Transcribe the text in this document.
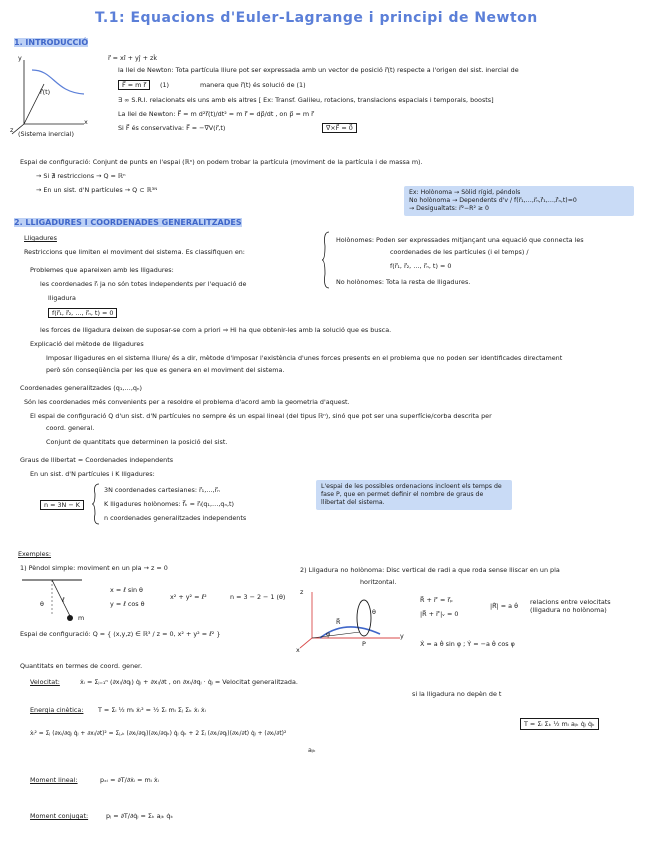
T.1: Equacions d'Euler-Lagrange i principi de Newton
1. INTRODUCCIÓ
y
x
z
r⃗(t)
(Sistema inercial)
r⃗ = xî + yĵ + zk̂
la llei de Newton: Tota partícula lliure pot ser expressada amb un vector de posició r⃗(t) respecte a l'origen del sist. inercial de
F⃗ = m r⃗̈	(1)	manera que r⃗(t) és solució de (1)
∃ ∞ S.R.I. relacionats els uns amb els altres [ Ex: Transf. Galileu, rotacions, translacions espacials i temporals, boosts]
La llei de Newton: F⃗ = m d²r⃗(t)/dt² = m r⃗̈ = dp⃗/dt , on p⃗ = m r⃗̇
Si F⃗ és conservativa: F⃗ = −∇⃗V(r⃗,t)	∇⃗×F⃗ = 0⃗
Espai de configuració: Conjunt de punts en l'espai (ℝⁿ) on podem trobar la partícula (moviment de la partícula i de massa m).
→ Si ∄ restriccions → Q = ℝⁿ
→ En un sist. d'N partícules → Q ⊂ ℝ³ᴺ	Ex: Holònoma → Sòlid rígid, péndols
No holònoma → Dependents d'v / f(r⃗₁,…,r⃗ₙ,ṙ⃗₁,…,ṙ⃗ₙ,t)=0
→ Desigualtats: r⃗²−R² ≥ 0
2. LLIGADURES I COORDENADES GENERALITZADES
Lligadures
Restriccions que limiten el moviment del sistema. Es classifiquen en:
Holònomes: Poden ser expressades mitjançant una equació que connecta les
coordenades de les partícules (i el temps) /
f(r⃗₁, r⃗₂, …, r⃗ₙ, t) = 0
No holònomes: Tota la resta de lligadures.
Problemes que apareixen amb les lligadures:
les coordenades r⃗ᵢ ja no són totes independents per l'equació de
lligadura
f(r⃗₁, r⃗₂, …, r⃗ₙ, t) = 0
les forces de lligadura deixen de suposar-se com a priori ⇒ Hi ha que obtenir-les amb la solució que es busca.
Explicació del mètode de lligadures
Imposar lligadures en el sistema lliure/ és a dir, mètode d'imposar l'existència d'unes forces presents en el problema que no poden ser identificades directament
però són conseqüència per les que es genera en el moviment del sistema.
Coordenades generalitzades (q₁,…,qₙ)
Són les coordenades més convenients per a resoldre el problema d'acord amb la geometria d'aquest.
El espai de configuració Q d'un sist. d'N partícules no sempre és un espai lineal (del tipus ℝⁿ), sinó que pot ser una superfície/corba descrita per
coord. general.
Conjunt de quantitats que determinen la posició del sist.
Graus de llibertat = Coordenades independents
En un sist. d'N partícules i K lligadures:
n = 3N − K
3N coordenades cartesianes: r⃗₁,…,r⃗ₙ
K lligadures holònomes: f⃗ₖ = r⃗ᵢ(q₁,…,qₙ,t)
n coordenades generalitzades independents
L'espai de les possibles ordenacions incloent els temps de fase P, que en permet definir el nombre de graus de llibertat del sistema.
Exemples:
1) Pèndol simple: moviment en un pla → z = 0
θ	ℓ
m
x = ℓ sin θ
y = ℓ cos θ
x² + y² = ℓ²	n = 3 − 2 − 1 (θ)
Espai de configuració: Q = { (x,y,z) ∈ ℝ³ / z = 0, x² + y² = ℓ² }
2) Lligadura no holònoma: Disc vertical de radi a que roda sense lliscar en un pla
horitzontal.
z
y
x
R⃗
φ
θ
P
R⃗ + r⃗′ = r⃗ₚ
|R⃗ + r⃗′|ᵥ = 0
|Ṙ⃗| = a θ̇ relacions entre velocitats (lligadura no holònoma)
Ẋ = a θ̇ sin φ ; Ẏ = −a θ̇ cos φ
Quantitats en termes de coord. gener.
Velocitat:	ẋᵢ = Σⱼ₌₁ⁿ (∂xᵢ/∂qⱼ) q̇ⱼ + ∂xᵢ/∂t , on ∂xᵢ/∂qⱼ · q̇ⱼ = Velocitat generalitzada.
si la lligadura no depèn de t
Energia cinètica: T = Σᵢ ½ mᵢ ẋᵢ² = ½ Σᵢ mᵢ Σⱼ Σₖ ẋᵢ ẋᵢ
ẋᵢ² = Σⱼ (∂xᵢ/∂qⱼ q̇ⱼ + ∂xᵢ/∂t)² = Σⱼ,ₖ (∂xᵢ/∂qⱼ)(∂xᵢ/∂qₖ) q̇ⱼ q̇ₖ + 2 Σⱼ (∂xᵢ/∂qⱼ)(∂xᵢ/∂t) q̇ⱼ + (∂xᵢ/∂t)²
aⱼₖ
T = Σᵢ Σₖ ½ mᵢ aⱼₖ q̇ⱼ q̇ₖ
Moment lineal:	pₓᵢ = ∂T/∂ẋᵢ = mᵢ ẋᵢ
Moment conjugat:	pⱼ = ∂T/∂q̇ⱼ = Σₖ aⱼₖ q̇ₖ
